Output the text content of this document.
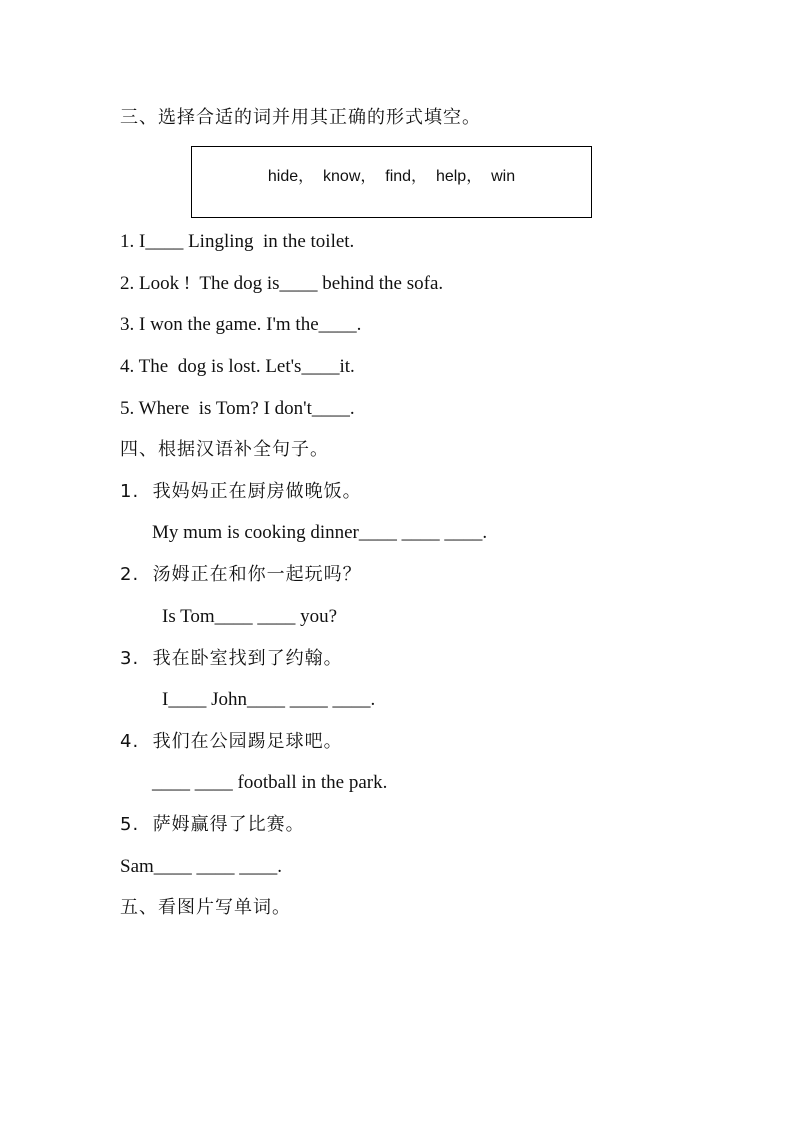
三、选择合适的词并用其正确的形式填空。
hide，  know，  find，  help，  win
1. I____ Lingling  in the toilet.
2. Look !  The dog is____ behind the sofa.
3. I won the game. I'm the____.
4. The  dog is lost. Let's____it.
5. Where  is Tom? I don't____.
四、根据汉语补全句子。
1.  我妈妈正在厨房做晚饭。
My mum is cooking dinner____ ____ ____.
2.  汤姆正在和你一起玩吗？
Is Tom____ ____ you?
3.  我在卧室找到了约翰。
I____ John____ ____ ____.
4.  我们在公园踢足球吧。
____ ____ football in the park.
5.  萨姆赢得了比赛。
Sam____ ____ ____.
五、看图片写单词。
